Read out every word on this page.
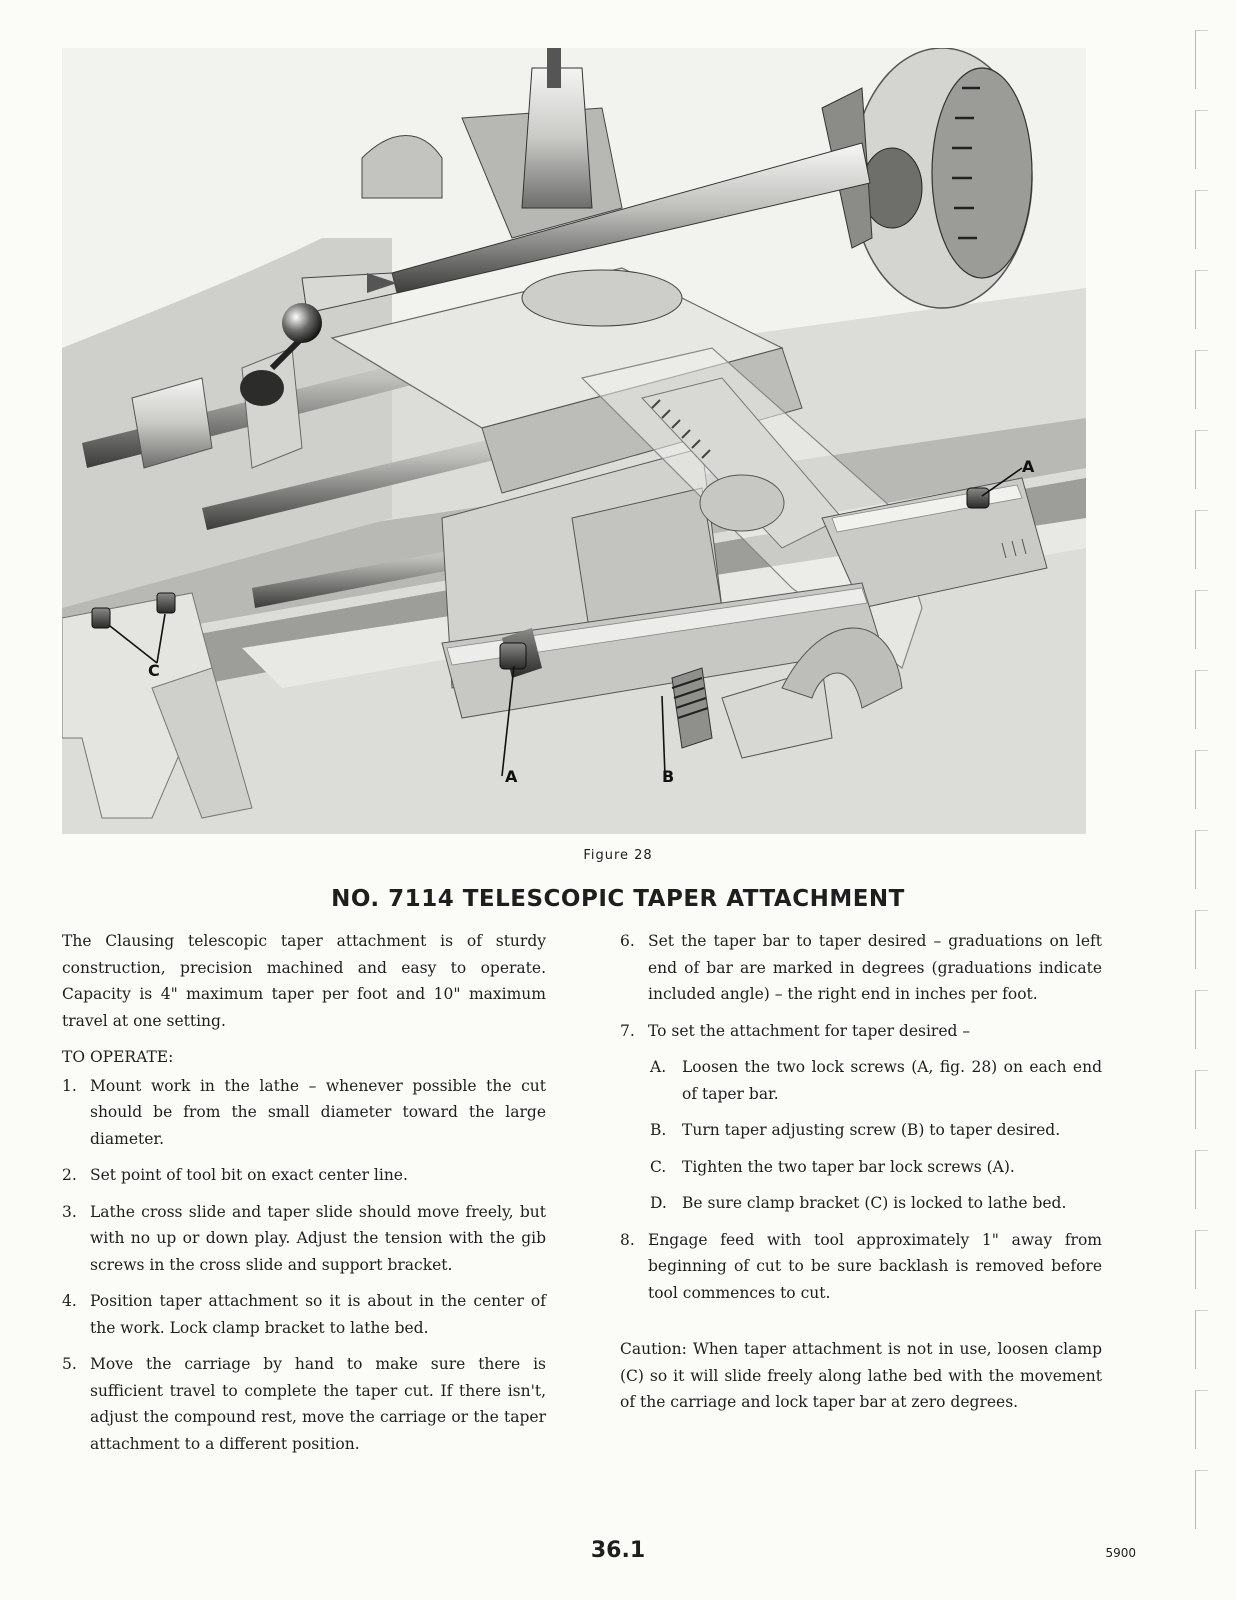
A	B
A
C
Figure 28
NO. 7114 TELESCOPIC TAPER ATTACHMENT

The Clausing telescopic taper attachment is of sturdy construction, precision machined and easy to operate. Capacity is 4" maximum taper per foot and 10" maximum travel at one setting.

TO OPERATE:
1. Mount work in the lathe – whenever possible the cut should be from the small diameter toward the large diameter.
2. Set point of tool bit on exact center line.
3. Lathe cross slide and taper slide should move freely, but with no up or down play. Adjust the tension with the gib screws in the cross slide and support bracket.
4. Position taper attachment so it is about in the center of the work. Lock clamp bracket to lathe bed.
5. Move the carriage by hand to make sure there is sufficient travel to complete the taper cut. If there isn't, adjust the compound rest, move the carriage or the taper attachment to a different position.
6. Set the taper bar to taper desired – graduations on left end of bar are marked in degrees (graduations indicate included angle) – the right end in inches per foot.
7. To set the attachment for taper desired –
A.	Loosen the two lock screws (A, fig. 28) on each end of taper bar.
B.	Turn taper adjusting screw (B) to taper desired.
C.	Tighten the two taper bar lock screws (A).
D. Be sure clamp bracket (C) is locked to lathe bed.
8. Engage feed with tool approximately 1" away from beginning of cut to be sure backlash is removed before tool commences to cut.

Caution: When taper attachment is not in use, loosen clamp (C) so it will slide freely along lathe bed with the movement of the carriage and lock taper bar at zero degrees.

36.1	5900
